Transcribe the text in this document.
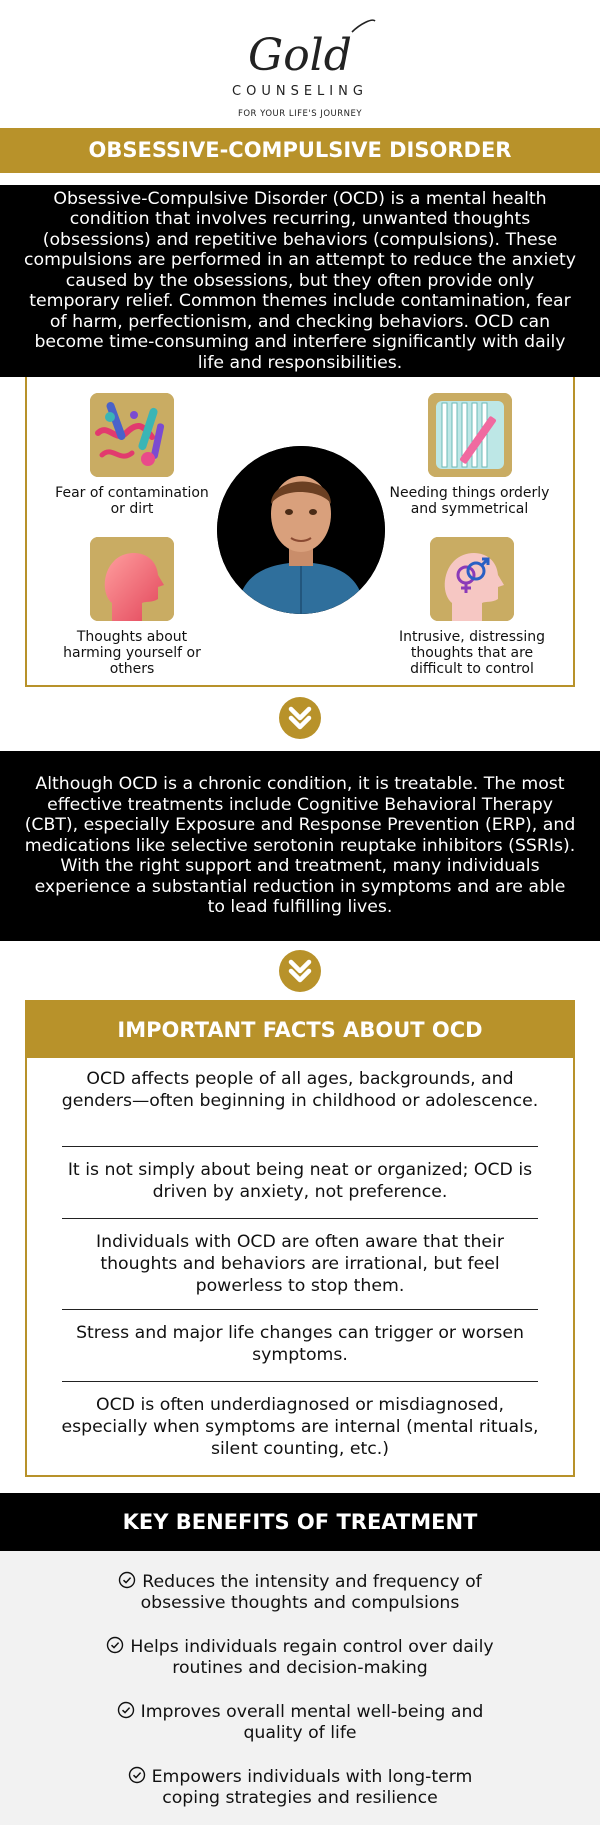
Gold
COUNSELING
FOR YOUR LIFE'S JOURNEY
OBSESSIVE-COMPULSIVE DISORDER

Obsessive-Compulsive Disorder (OCD) is a mental health condition that involves recurring, unwanted thoughts (obsessions) and repetitive behaviors (compulsions). These compulsions are performed in an attempt to reduce the anxiety caused by the obsessions, but they often provide only temporary relief. Common themes include contamination, fear of harm, perfectionism, and checking behaviors. OCD can become time-consuming and interfere significantly with daily life and responsibilities.

Fear of contamination or dirt
Needing things orderly and symmetrical
Thoughts about harming yourself or others
Intrusive, distressing thoughts that are difficult to control

Although OCD is a chronic condition, it is treatable. The most effective treatments include Cognitive Behavioral Therapy (CBT), especially Exposure and Response Prevention (ERP), and medications like selective serotonin reuptake inhibitors (SSRIs). With the right support and treatment, many individuals experience a substantial reduction in symptoms and are able to lead fulfilling lives.

IMPORTANT FACTS ABOUT OCD
OCD affects people of all ages, backgrounds, and genders—often beginning in childhood or adolescence.
It is not simply about being neat or organized; OCD is driven by anxiety, not preference.
Individuals with OCD are often aware that their thoughts and behaviors are irrational, but feel powerless to stop them.
Stress and major life changes can trigger or worsen symptoms.
OCD is often underdiagnosed or misdiagnosed, especially when symptoms are internal (mental rituals, silent counting, etc.)
KEY BENEFITS OF TREATMENT
Reduces the intensity and frequency of obsessive thoughts and compulsions
Helps individuals regain control over daily routines and decision-making
Improves overall mental well-being and quality of life
Empowers individuals with long-term coping strategies and resilience
